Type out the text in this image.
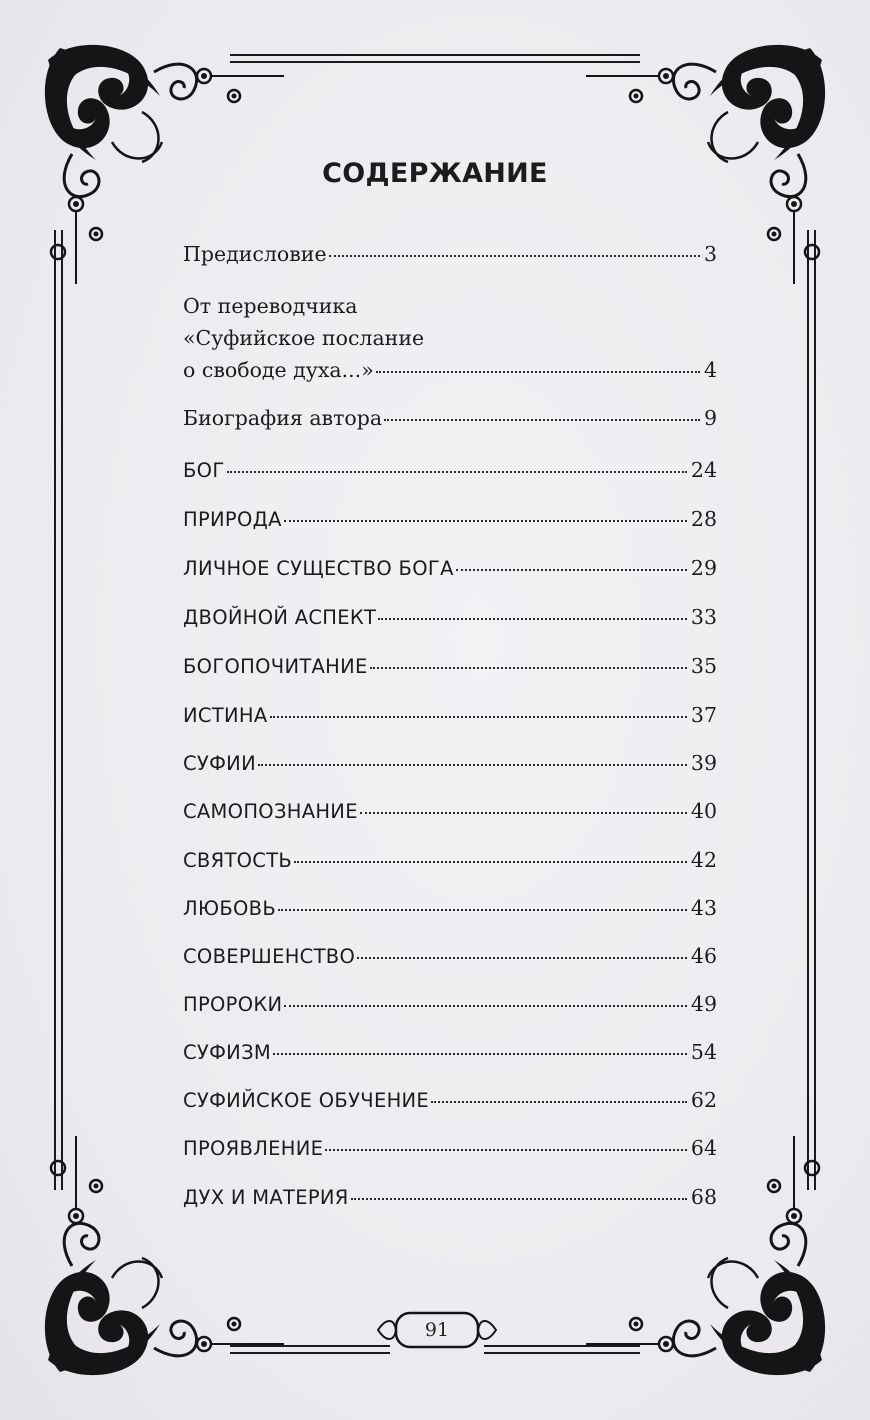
СОДЕРЖАНИЕ
Предисловие	3
От переводчика
«Суфийское послание
о свободе духа...»	4
Биография автора	9
БОГ	24
ПРИРОДА	28
ЛИЧНОЕ СУЩЕСТВО БОГА	29
ДВОЙНОЙ АСПЕКТ	33
БОГОПОЧИТАНИЕ	35
ИСТИНА	37
СУФИИ	39
САМОПОЗНАНИЕ	40
СВЯТОСТЬ	42
ЛЮБОВЬ	43
СОВЕРШЕНСТВО	46
ПРОРОКИ	49
СУФИЗМ	54
СУФИЙСКОЕ ОБУЧЕНИЕ	62
ПРОЯВЛЕНИЕ	64
ДУХ И МАТЕРИЯ	68
91
